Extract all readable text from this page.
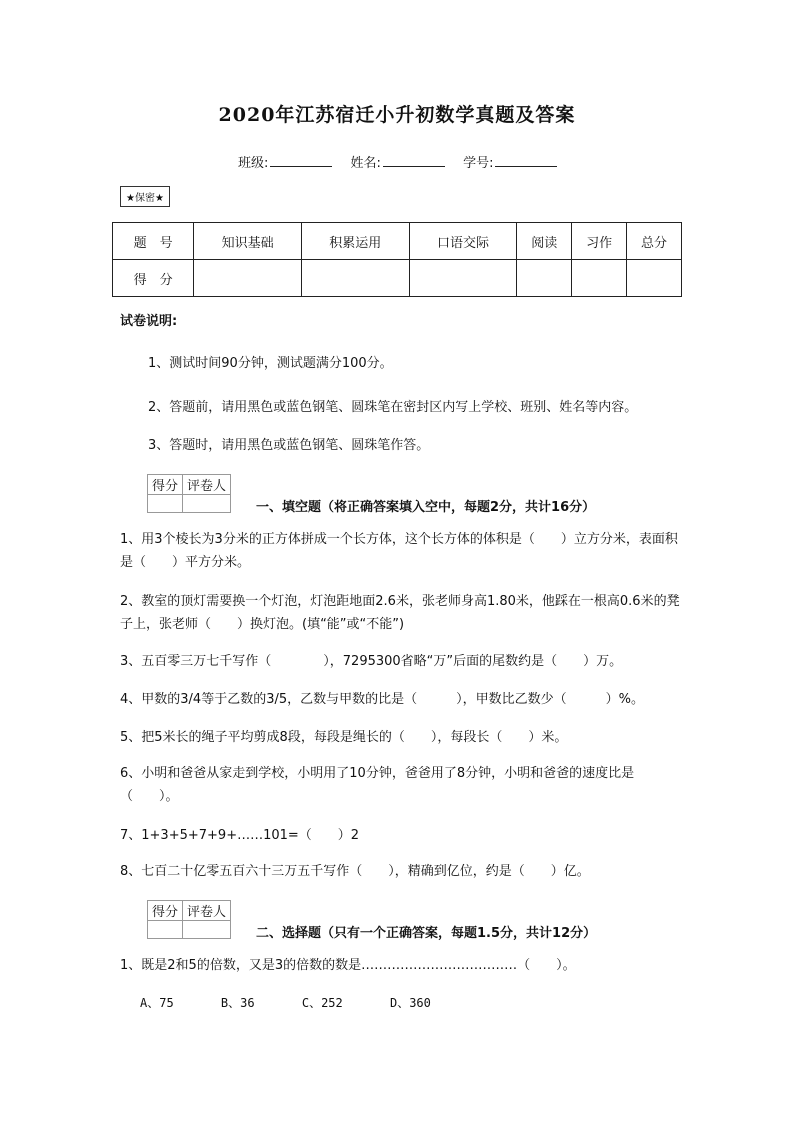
2020年江苏宿迁小升初数学真题及答案
班级:	姓名:	学号:
★保密★
题　号	知识基础	积累运用	口语交际	阅读	习作	总分
得　分						
试卷说明:
1、测试时间90分钟，测试题满分100分。
2、答题前，请用黑色或蓝色钢笔、圆珠笔在密封区内写上学校、班别、姓名等内容。
3、答题时，请用黑色或蓝色钢笔、圆珠笔作答。
得分	评卷人

一、填空题（将正确答案填入空中，每题2分，共计16分）
1、用3个棱长为3分米的正方体拼成一个长方体，这个长方体的体积是（　　）立方分米，表面积是（　　）平方分米。
2、教室的顶灯需要换一个灯泡，灯泡距地面2.6米，张老师身高1.80米，他踩在一根高0.6米的凳子上，张老师（　　）换灯泡。(填“能”或“不能”)
3、五百零三万七千写作（　　　　），7295300省略“万”后面的尾数约是（　　）万。
4、甲数的3/4等于乙数的3/5，乙数与甲数的比是（　　　），甲数比乙数少（　　　）%。
5、把5米长的绳子平均剪成8段，每段是绳长的（　　），每段长（　　）米。
6、小明和爸爸从家走到学校，小明用了10分钟，爸爸用了8分钟，小明和爸爸的速度比是（　　）。
7、1+3+5+7+9+……101=（　　）2
8、七百二十亿零五百六十三万五千写作（　　），精确到亿位，约是（　　）亿。
得分	评卷人

二、选择题（只有一个正确答案，每题1.5分，共计12分）
1、既是2和5的倍数，又是3的倍数的数是………………………………（　　）。
A、75	B、36	C、252	D、360
